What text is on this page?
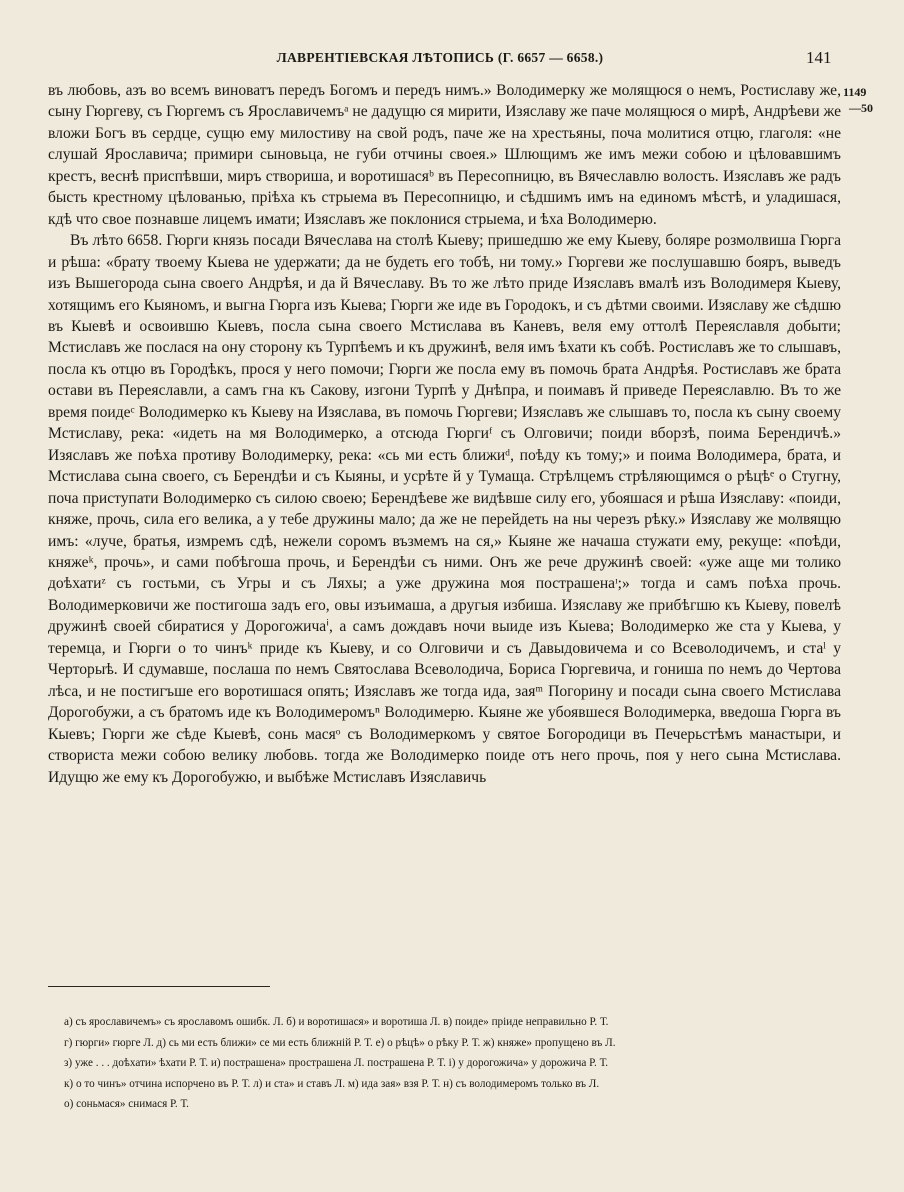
ЛАВРЕНТІЕВСКАЯ ЛѢТОПИСЬ (Г. 6657 — 6658.)	141
1149
—50

въ любовь, азъ во всемъ виноватъ передъ Богомъ и передъ нимъ.» Володимерку же молящюся о немъ, Ростиславу же, сыну Гюргеву, съ Гюргемъ съ Ярославичемъᵃ не дадущю ся мирити, Изяславу же паче молящюся о мирѣ, Андрѣеви же вложи Богъ въ сердце, сущю ему милостиву на свой родъ, паче же на хрестьяны, поча молитися отцю, глаголя: «не слушай Ярославича; примири сыновьца, не губи отчины своея.» Шлющимъ же имъ межи собою и цѣловавшимъ крестъ, веснѣ приспѣвши, миръ створиша, и воротишасяᵇ въ Пересопницю, въ Вячеславлю волость. Изяславъ же радъ бысть крестному цѣлованью, прiѣха къ стрыема въ Пересопницю, и сѣдшимъ имъ на единомъ мѣстѣ, и уладишася, кдѣ что свое познавше лицемъ имати; Изяславъ же поклонися стрыема, и ѣха Володимерю.

Въ лѣто 6658. Гюрги князь посади Вячеслава на столѣ Кыеву; пришедшю же ему Кыеву, боляре розмолвиша Гюрга и рѣша: «брату твоему Кыева не удержати; да не будеть его тобѣ, ни тому.» Гюргеви же послушавшю бояръ, выведъ изъ Вышегорода сына своего Андрѣя, и да й Вячеславу. Въ то же лѣто приде Изяславъ вмалѣ изъ Володимеря Кыеву, хотящимъ его Кыяномъ, и выгна Гюрга изъ Кыева; Гюрги же иде въ Городокъ, и съ дѣтми своими. Изяславу же сѣдшю въ Кыевѣ и освоившю Кыевъ, посла сына своего Мстислава въ Каневъ, веля ему оттолѣ Переяславля добыти; Мстиславъ же послася на ону сторону къ Турпѣемъ и къ дружинѣ, веля имъ ѣхати къ собѣ. Ростиславъ же то слышавъ, посла къ отцю въ Городѣкъ, прося у него помочи; Гюрги же посла ему въ помочь брата Андрѣя. Ростиславъ же брата остави въ Переяславли, а самъ гна къ Сакову, изгони Турпѣ у Днѣпра, и поимавъ й приведе Переяславлю. Въ то же время поидеᶜ Володимерко къ Кыеву на Изяслава, въ помочь Гюргеви; Изяславъ же слышавъ то, посла къ сыну своему Мстиславу, река: «идеть на мя Володимерко, а отсюда Гюргиᶠ съ Олговичи; поиди вборзѣ, поима Берендичѣ.» Изяславъ же поѣха противу Володимерку, река: «сь ми есть ближиᵈ, поѣду къ тому;» и поима Володимера, брата, и Мстислава сына своего, съ Берендѣи и съ Кыяны, и усрѣте й у Тумаща. Стрѣлцемъ стрѣляющимся о рѣцѣᵉ о Стугну, поча приступати Володимерко съ силою своею; Берендѣеве же видѣвше силу его, убояшася и рѣша Изяславу: «поиди, княже, прочь, сила его велика, а у тебе дружины мало; да же не перейдеть на ны черезъ рѣку.» Изяславу же молвящю имъ: «луче, братья, измремъ сдѣ, нежели соромъ възмемъ на ся,» Кыяне же начаша стужати ему, рекуще: «поѣди, княжеᵏ, прочь», и сами побѣгоша прочь, и Берендѣи съ ними. Онъ же рече дружинѣ своей: «уже аще ми толико доѣхатиᶻ съ гостьми, съ Угры и съ Ляхы; а уже дружина моя пострашенаᶦ;» тогда и самъ поѣха прочь. Володимерковичи же постигоша задъ его, овы изъимаша, а другыя избиша. Изяславу же прибѣгшю къ Кыеву, повелѣ дружинѣ своей сбиратися у Дорогожичаⁱ, а самъ дождавъ ночи выиде изъ Кыева; Володимерко же ста у Кыева, у теремца, и Гюрги о то чинъᵏ приде къ Кыеву, и со Олговичи и съ Давыдовичема и со Всеволодичемъ, и стаˡ у Черторыѣ. И сдумавше, послаша по немъ Святослава Всеволодича, Бориса Гюргевича, и гониша по немъ до Чертова лѣса, и не постигъше его воротишася опять; Изяславъ же тогда ида, заяᵐ Погорину и посади сына своего Мстислава Дорогобужи, а съ братомъ иде къ Володимеромъⁿ Володимерю. Кыяне же убоявшеся Володимерка, введоша Гюрга въ Кыевъ; Гюрги же сѣде Кыевѣ, сонь масяᵒ съ Володимеркомъ у святое Богородици въ Печерьстѣмъ манастыри, и створиста межи собою велику любовь. тогда же Володимерко поиде отъ него прочь, поя у него сына Мстислава. Идущю же ему къ Дорогобужю, и выбѣже Мстиславъ Изяславичь

а) съ ярославичемъ» съ ярославомъ ошибк. Л. б) и воротишася» и воротиша Л. в) поиде» прiиде неправильно Р. Т.
г) гюрги» гюрге Л. д) сь ми есть ближи» се ми есть ближнiй Р. Т. е) о рѣцѣ» о рѣку Р. Т. ж) княже» пропущено въ Л.
з) уже . . . доѣхати» ѣхати Р. Т. и) пострашена» прострашена Л. пострашена Р. Т. i) у дорогожича» у дорожича Р. Т.
к) о то чинъ» отчина испорчено въ Р. Т. л) и ста» и ставъ Л. м) ида зая» взя Р. Т. н) съ володимеромъ только въ Л.
о) соньмася» снимася Р. Т.
